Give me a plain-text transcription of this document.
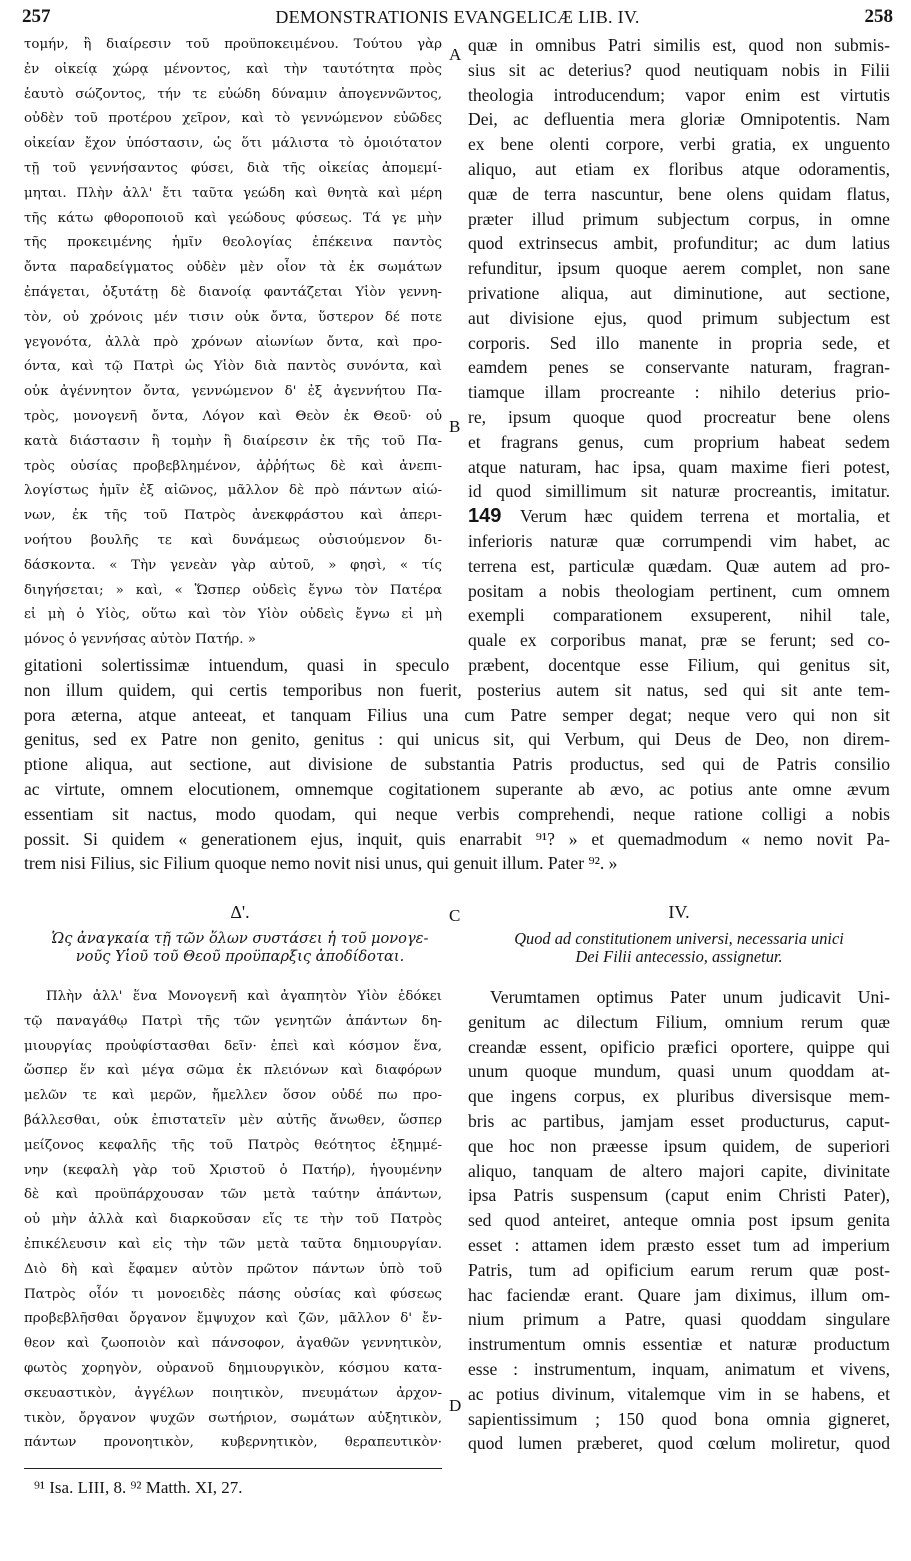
257	DEMONSTRATIONIS EVANGELICÆ LIB. IV.	258
τομήν, ἢ διαίρεσιν τοῦ προϋποκειμένου. Τούτου γὰρ
ἐν οἰκείᾳ χώρᾳ μένοντος, καὶ τὴν ταυτότητα πρὸς
ἑαυτὸ σώζοντος, τήν τε εὐώδη δύναμιν ἀπογεννῶντος,
οὐδὲν τοῦ προτέρου χεῖρον, καὶ τὸ γεννώμενον εὐῶδες
οἰκείαν ἔχον ὑπόστασιν, ὡς ὅτι μάλιστα τὸ ὁμοιότατον
τῇ τοῦ γεννήσαντος φύσει, διὰ τῆς οἰκείας ἀπομεμί-
μηται. Πλὴν ἀλλ' ἔτι ταῦτα γεώδη καὶ θνητὰ καὶ μέρη
τῆς κάτω φθοροποιοῦ καὶ γεώδους φύσεως. Τά γε μὴν
τῆς προκειμένης ἡμῖν θεολογίας ἐπέκεινα παντὸς
ὄντα παραδείγματος οὐδὲν μὲν οἷον τὰ ἐκ σωμάτων
ἐπάγεται, ὀξυτάτῃ δὲ διανοίᾳ φαντάζεται Υἱὸν γεννη-
τὸν, οὐ χρόνοις μέν τισιν οὐκ ὄντα, ὕστερον δέ ποτε
γεγονότα, ἀλλὰ πρὸ χρόνων αἰωνίων ὄντα, καὶ προ-
όντα, καὶ τῷ Πατρὶ ὡς Υἱὸν διὰ παντὸς συνόντα, καὶ
οὐκ ἀγέννητον ὄντα, γεννώμενον δ' ἐξ ἀγεννήτου Πα-
τρὸς, μονογενῆ ὄντα, Λόγον καὶ Θεὸν ἐκ Θεοῦ· οὐ
κατὰ διάστασιν ἢ τομὴν ἢ διαίρεσιν ἐκ τῆς τοῦ Πα-
τρὸς οὐσίας προβεβλημένον, ἀῤῥήτως δὲ καὶ ἀνεπι-
λογίστως ἡμῖν ἐξ αἰῶνος, μᾶλλον δὲ πρὸ πάντων αἰώ-
νων, ἐκ τῆς τοῦ Πατρὸς ἀνεκφράστου καὶ ἀπερι-
νοήτου βουλῆς τε καὶ δυνάμεως οὐσιούμενον δι-
δάσκοντα. « Τὴν γενεὰν γὰρ αὐτοῦ, » φησὶ, « τίς
διηγήσεται; » καὶ, « Ὥσπερ οὐδεὶς ἔγνω τὸν Πατέρα
εἰ μὴ ὁ Υἱὸς, οὕτω καὶ τὸν Υἱὸν οὐδεὶς ἔγνω εἰ μὴ
μόνος ὁ γεννήσας αὐτὸν Πατήρ. »
quæ in omnibus Patri similis est, quod non submis-
sius sit ac deterius? quod neutiquam nobis in Filii
theologia introducendum; vapor enim est virtutis
Dei, ac defluentia mera gloriæ Omnipotentis. Nam
ex bene olenti corpore, verbi gratia, ex unguento
aliquo, aut etiam ex floribus atque odoramentis,
quæ de terra nascuntur, bene olens quidam flatus,
præter illud primum subjectum corpus, in omne
quod extrinsecus ambit, profunditur; ac dum latius
refunditur, ipsum quoque aerem complet, non sane
privatione aliqua, aut diminutione, aut sectione,
aut divisione ejus, quod primum subjectum est
corporis. Sed illo manente in propria sede, et
eamdem penes se conservante naturam, fragran-
tiamque illam procreante : nihilo deterius prio-
re, ipsum quoque quod procreatur bene olens
et fragrans genus, cum proprium habeat sedem
atque naturam, hac ipsa, quam maxime fieri potest,
id quod simillimum sit naturæ procreantis, imitatur.
149 Verum hæc quidem terrena et mortalia, et
inferioris naturæ quæ corrumpendi vim habet, ac
terrena est, particulæ quædam. Quæ autem ad pro-
positam a nobis theologiam pertinent, cum omnem
exempli comparationem exsuperent, nihil tale,
quale ex corporibus manat, præ se ferunt; sed co-
A
B
gitationi solertissimæ intuendum, quasi in speculo præbent, docentque esse Filium, qui genitus sit,
non illum quidem, qui certis temporibus non fuerit, posterius autem sit natus, sed qui sit ante tem-
pora æterna, atque anteeat, et tanquam Filius una cum Patre semper degat; neque vero qui non sit
genitus, sed ex Patre non genito, genitus : qui unicus sit, qui Verbum, qui Deus de Deo, non direm-
ptione aliqua, aut sectione, aut divisione de substantia Patris productus, sed qui de Patris consilio
ac virtute, omnem elocutionem, omnemque cogitationem superante ab ævo, ac potius ante omne ævum
essentiam sit nactus, modo quodam, qui neque verbis comprehendi, neque ratione colligi a nobis
possit. Si quidem « generationem ejus, inquit, quis enarrabit ⁹¹? » et quemadmodum « nemo novit Pa-
trem nisi Filius, sic Filium quoque nemo novit nisi unus, qui genuit illum. Pater ⁹². »
Δ'.	IV.
C
Ὡς ἀναγκαία τῇ τῶν ὅλων συστάσει ἡ τοῦ μονογε-
νοῦς Υἱοῦ τοῦ Θεοῦ προϋπαρξις ἀποδίδοται.
Quod ad constitutionem universi, necessaria unici
Dei Filii antecessio, assignetur.
Πλὴν ἀλλ' ἕνα Μονογενῆ καὶ ἀγαπητὸν Υἱὸν ἐδόκει
τῷ παναγάθῳ Πατρὶ τῆς τῶν γενητῶν ἁπάντων δη-
μιουργίας προὐφίστασθαι δεῖν· ἐπεὶ καὶ κόσμον ἕνα,
ὥσπερ ἕν καὶ μέγα σῶμα ἐκ πλειόνων καὶ διαφόρων
μελῶν τε καὶ μερῶν, ἤμελλεν ὅσον οὐδέ πω προ-
βάλλεσθαι, οὐκ ἐπιστατεῖν μὲν αὐτῆς ἄνωθεν, ὥσπερ
μείζονος κεφαλῆς τῆς τοῦ Πατρὸς θεότητος ἐξημμέ-
νην (κεφαλὴ γὰρ τοῦ Χριστοῦ ὁ Πατήρ), ἡγουμένην
δὲ καὶ προϋπάρχουσαν τῶν μετὰ ταύτην ἁπάντων,
οὐ μὴν ἀλλὰ καὶ διαρκοῦσαν εἴς τε τὴν τοῦ Πατρὸς
ἐπικέλευσιν καὶ εἰς τὴν τῶν μετὰ ταῦτα δημιουργίαν.
Διὸ δὴ καὶ ἔφαμεν αὐτὸν πρῶτον πάντων ὑπὸ τοῦ
Πατρὸς οἷόν τι μονοειδὲς πάσης οὐσίας καὶ φύσεως
προβεβλῆσθαι ὄργανον ἔμψυχον καὶ ζῶν, μᾶλλον δ' ἔν-
θεον καὶ ζωοποιὸν καὶ πάνσοφον, ἀγαθῶν γεννητικὸν,
φωτὸς χορηγὸν, οὐρανοῦ δημιουργικὸν, κόσμου κατα-
σκευαστικὸν, ἀγγέλων ποιητικὸν, πνευμάτων ἀρχον-
τικὸν, ὄργανον ψυχῶν σωτήριον, σωμάτων αὐξητικὸν,
πάντων προνοητικὸν, κυβερνητικὸν, θεραπευτικὸν·
Verumtamen optimus Pater unum judicavit Uni-
genitum ac dilectum Filium, omnium rerum quæ
creandæ essent, opificio præfici oportere, quippe qui
unum quoque mundum, quasi unum quoddam at-
que ingens corpus, ex pluribus diversisque mem-
bris ac partibus, jamjam esset producturus, caput-
que hoc non præesse ipsum quidem, de superiori
aliquo, tanquam de altero majori capite, divinitate
ipsa Patris suspensum (caput enim Christi Pater),
sed quod anteiret, anteque omnia post ipsum genita
esset : attamen idem præsto esset tum ad imperium
Patris, tum ad opificium earum rerum quæ post-
hac faciendæ erant. Quare jam diximus, illum om-
nium primum a Patre, quasi quoddam singulare
instrumentum omnis essentiæ et naturæ productum
esse : instrumentum, inquam, animatum et vivens,
ac potius divinum, vitalemque vim in se habens, et
sapientissimum ; 150 quod bona omnia gigneret,
quod lumen præberet, quod cœlum moliretur, quod
D
⁹¹ Isa. LIII, 8. ⁹² Matth. XI, 27.
